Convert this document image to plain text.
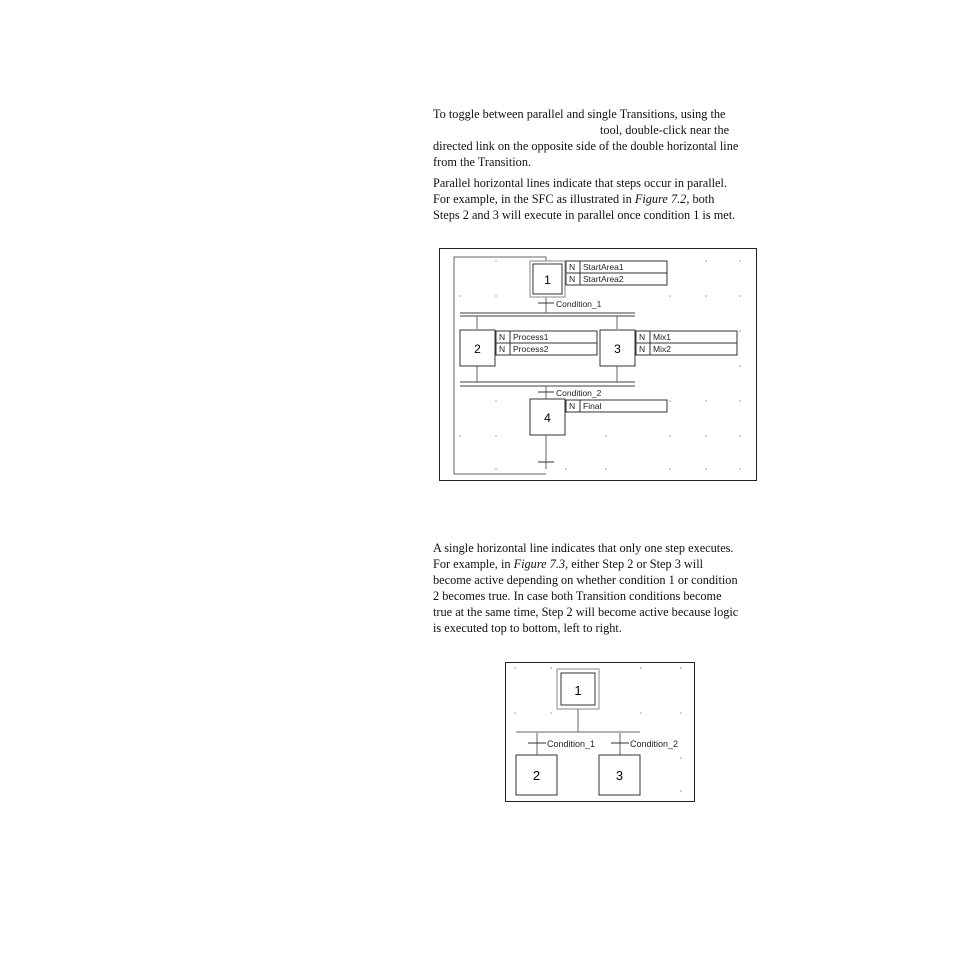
To toggle between parallel and single Transitions, using the
tool, double-click near the
directed link on the opposite side of the double horizontal line
from the Transition.
Parallel horizontal lines indicate that steps occur in parallel.
For example, in the SFC as illustrated in Figure 7.2, both
Steps 2 and 3 will execute in parallel once condition 1 is met.
1
2	3
4
N StartArea1
N StartArea2
N Process1
N Process2
N Mix1
N Mix2
N Final
Condition_1
Condition_2
A single horizontal line indicates that only one step executes.
For example, in Figure 7.3, either Step 2 or Step 3 will
become active depending on whether condition 1 or condition
2 becomes true. In case both Transition conditions become
true at the same time, Step 2 will become active because logic
is executed top to bottom, left to right.
1
Condition_1	Condition_2
2	3
